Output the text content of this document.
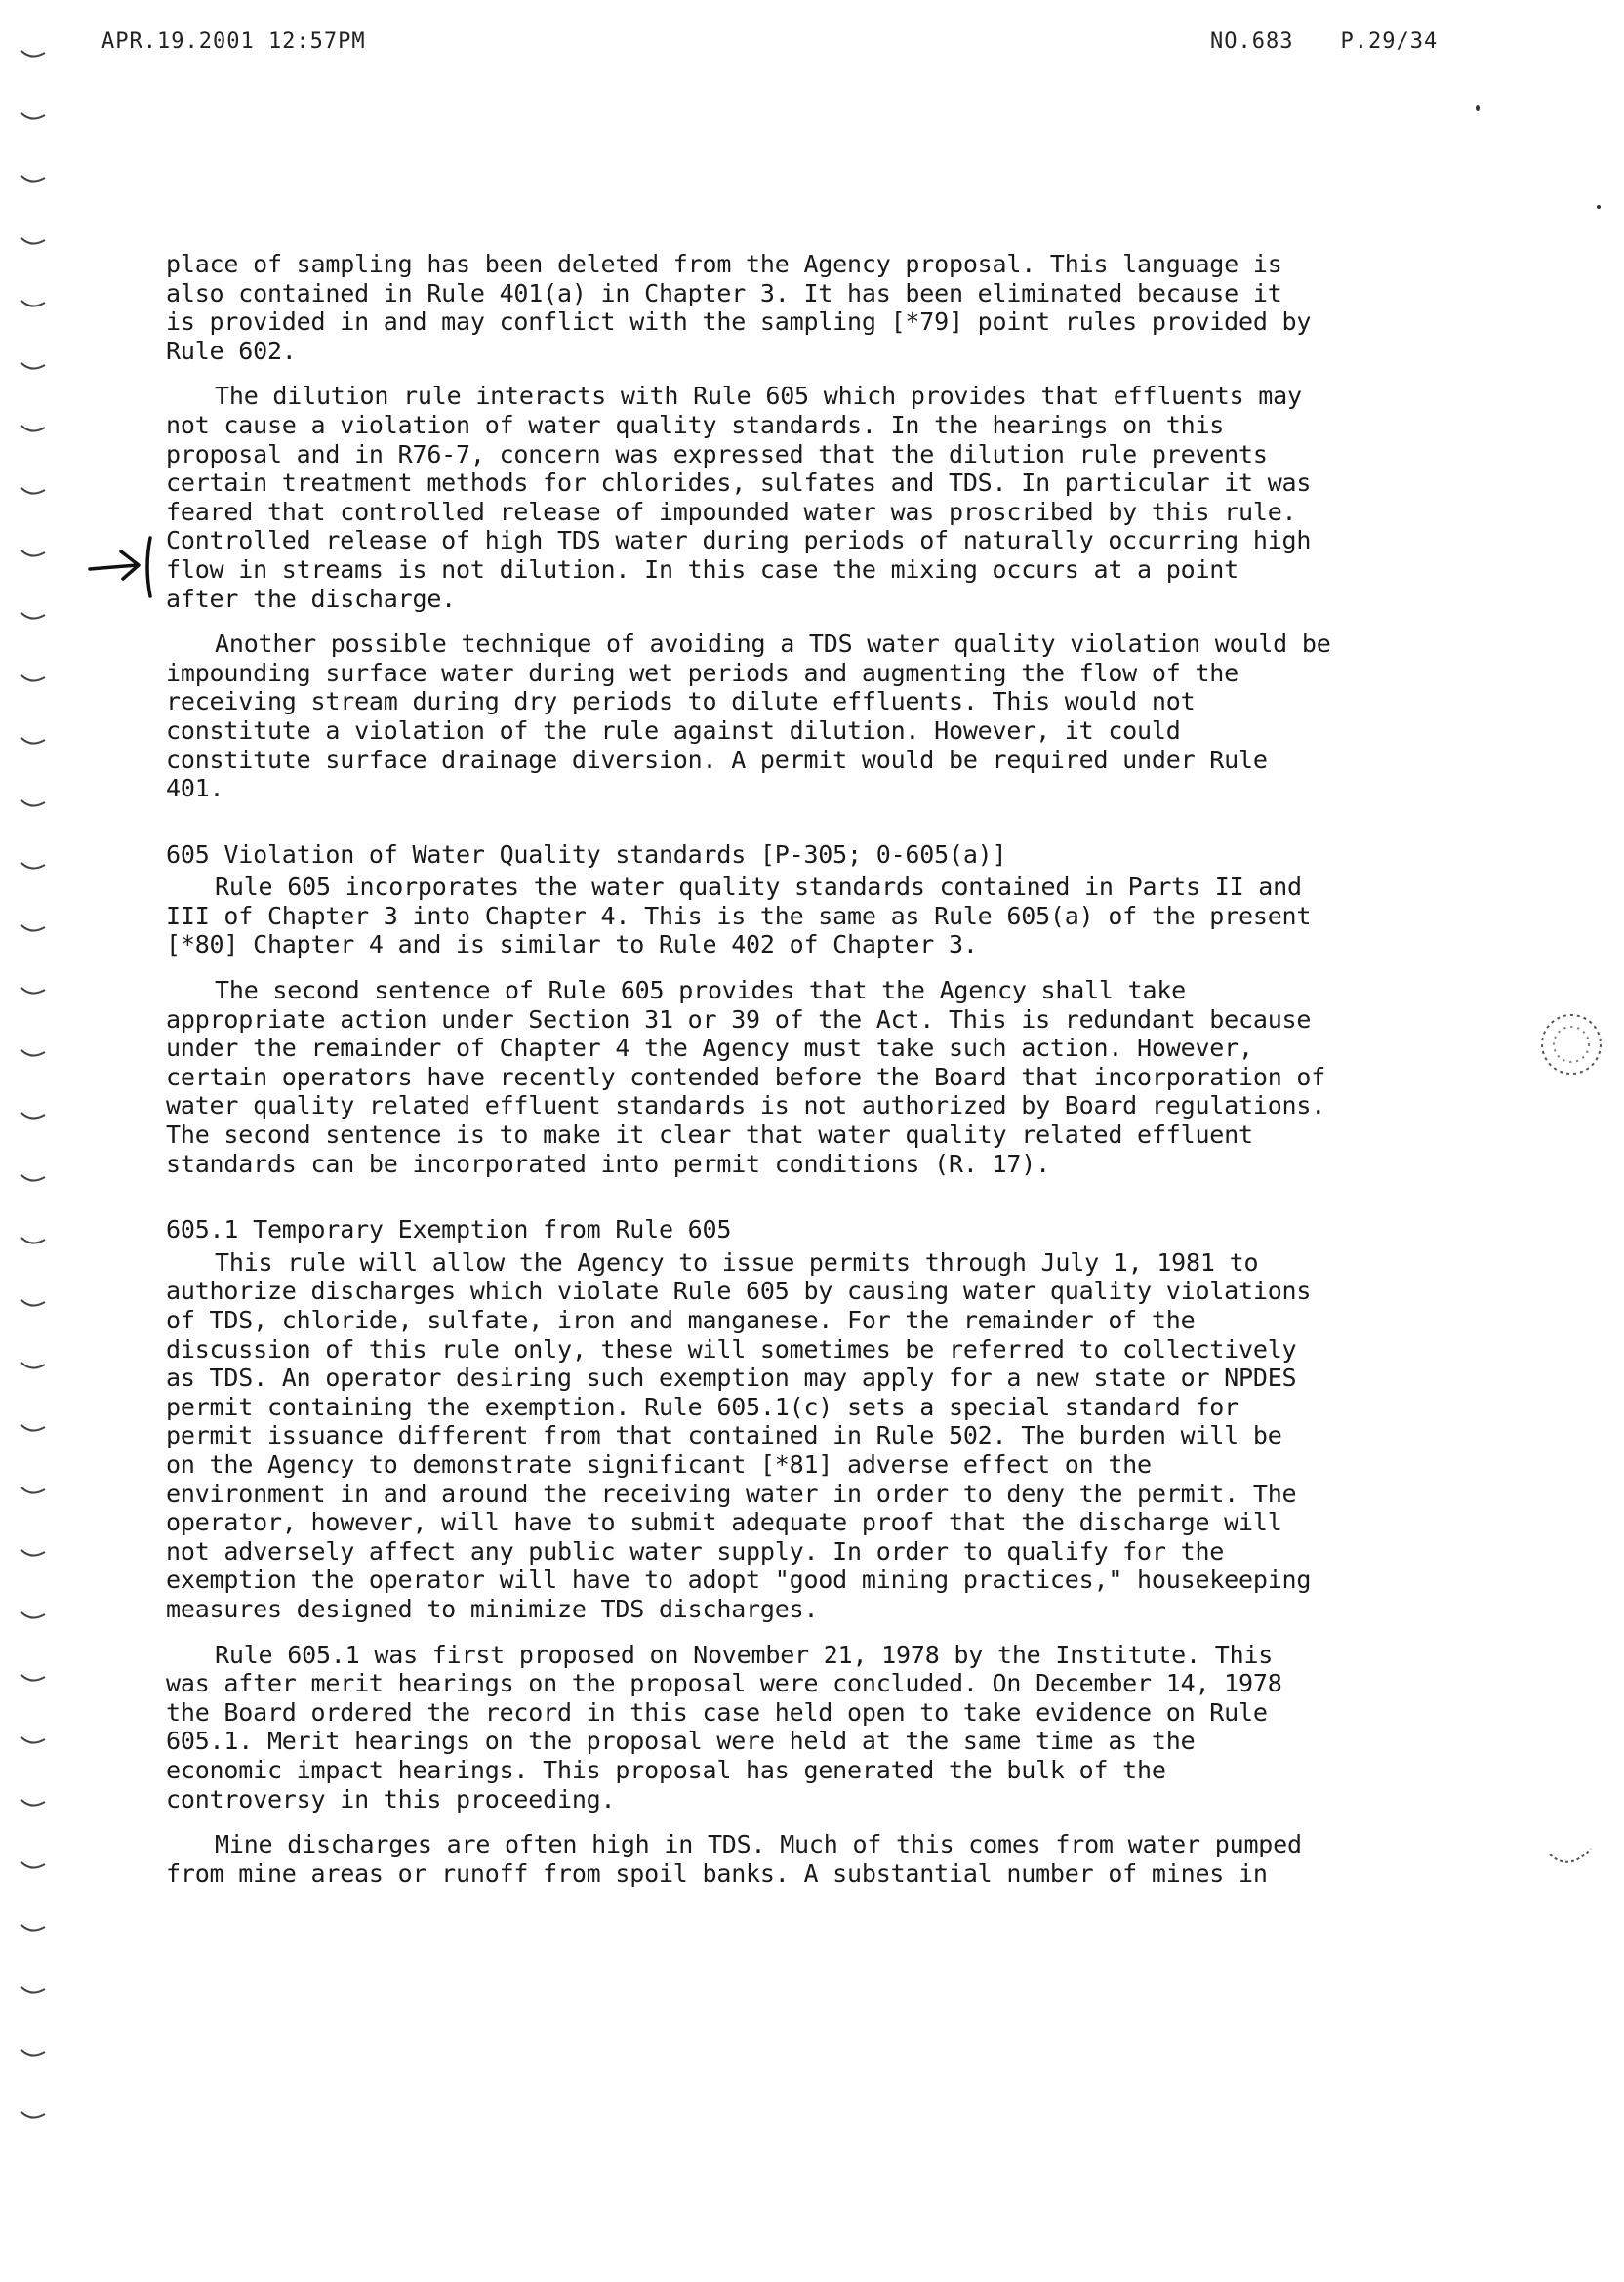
APR.19.2001 12:57PM	NO.683 P.29/34

place of sampling has been deleted from the Agency proposal. This language is
also contained in Rule 401(a) in Chapter 3. It has been eliminated because it
is provided in and may conflict with the sampling [*79] point rules provided by
Rule 602.

The dilution rule interacts with Rule 605 which provides that effluents may
not cause a violation of water quality standards. In the hearings on this
proposal and in R76-7, concern was expressed that the dilution rule prevents
certain treatment methods for chlorides, sulfates and TDS. In particular it was
feared that controlled release of impounded water was proscribed by this rule.
Controlled release of high TDS water during periods of naturally occurring high
flow in streams is not dilution. In this case the mixing occurs at a point
after the discharge.

Another possible technique of avoiding a TDS water quality violation would be
impounding surface water during wet periods and augmenting the flow of the
receiving stream during dry periods to dilute effluents. This would not
constitute a violation of the rule against dilution. However, it could
constitute surface drainage diversion. A permit would be required under Rule
401.

605 Violation of Water Quality standards [P-305; 0-605(a)]

Rule 605 incorporates the water quality standards contained in Parts II and
III of Chapter 3 into Chapter 4. This is the same as Rule 605(a) of the present
[*80] Chapter 4 and is similar to Rule 402 of Chapter 3.

The second sentence of Rule 605 provides that the Agency shall take
appropriate action under Section 31 or 39 of the Act. This is redundant because
under the remainder of Chapter 4 the Agency must take such action. However,
certain operators have recently contended before the Board that incorporation of
water quality related effluent standards is not authorized by Board regulations.
The second sentence is to make it clear that water quality related effluent
standards can be incorporated into permit conditions (R. 17).

605.1 Temporary Exemption from Rule 605

This rule will allow the Agency to issue permits through July 1, 1981 to
authorize discharges which violate Rule 605 by causing water quality violations
of TDS, chloride, sulfate, iron and manganese. For the remainder of the
discussion of this rule only, these will sometimes be referred to collectively
as TDS. An operator desiring such exemption may apply for a new state or NPDES
permit containing the exemption. Rule 605.1(c) sets a special standard for
permit issuance different from that contained in Rule 502. The burden will be
on the Agency to demonstrate significant [*81] adverse effect on the
environment in and around the receiving water in order to deny the permit. The
operator, however, will have to submit adequate proof that the discharge will
not adversely affect any public water supply. In order to qualify for the
exemption the operator will have to adopt "good mining practices," housekeeping
measures designed to minimize TDS discharges.

Rule 605.1 was first proposed on November 21, 1978 by the Institute. This
was after merit hearings on the proposal were concluded. On December 14, 1978
the Board ordered the record in this case held open to take evidence on Rule
605.1. Merit hearings on the proposal were held at the same time as the
economic impact hearings. This proposal has generated the bulk of the
controversy in this proceeding.

Mine discharges are often high in TDS. Much of this comes from water pumped
from mine areas or runoff from spoil banks. A substantial number of mines in
